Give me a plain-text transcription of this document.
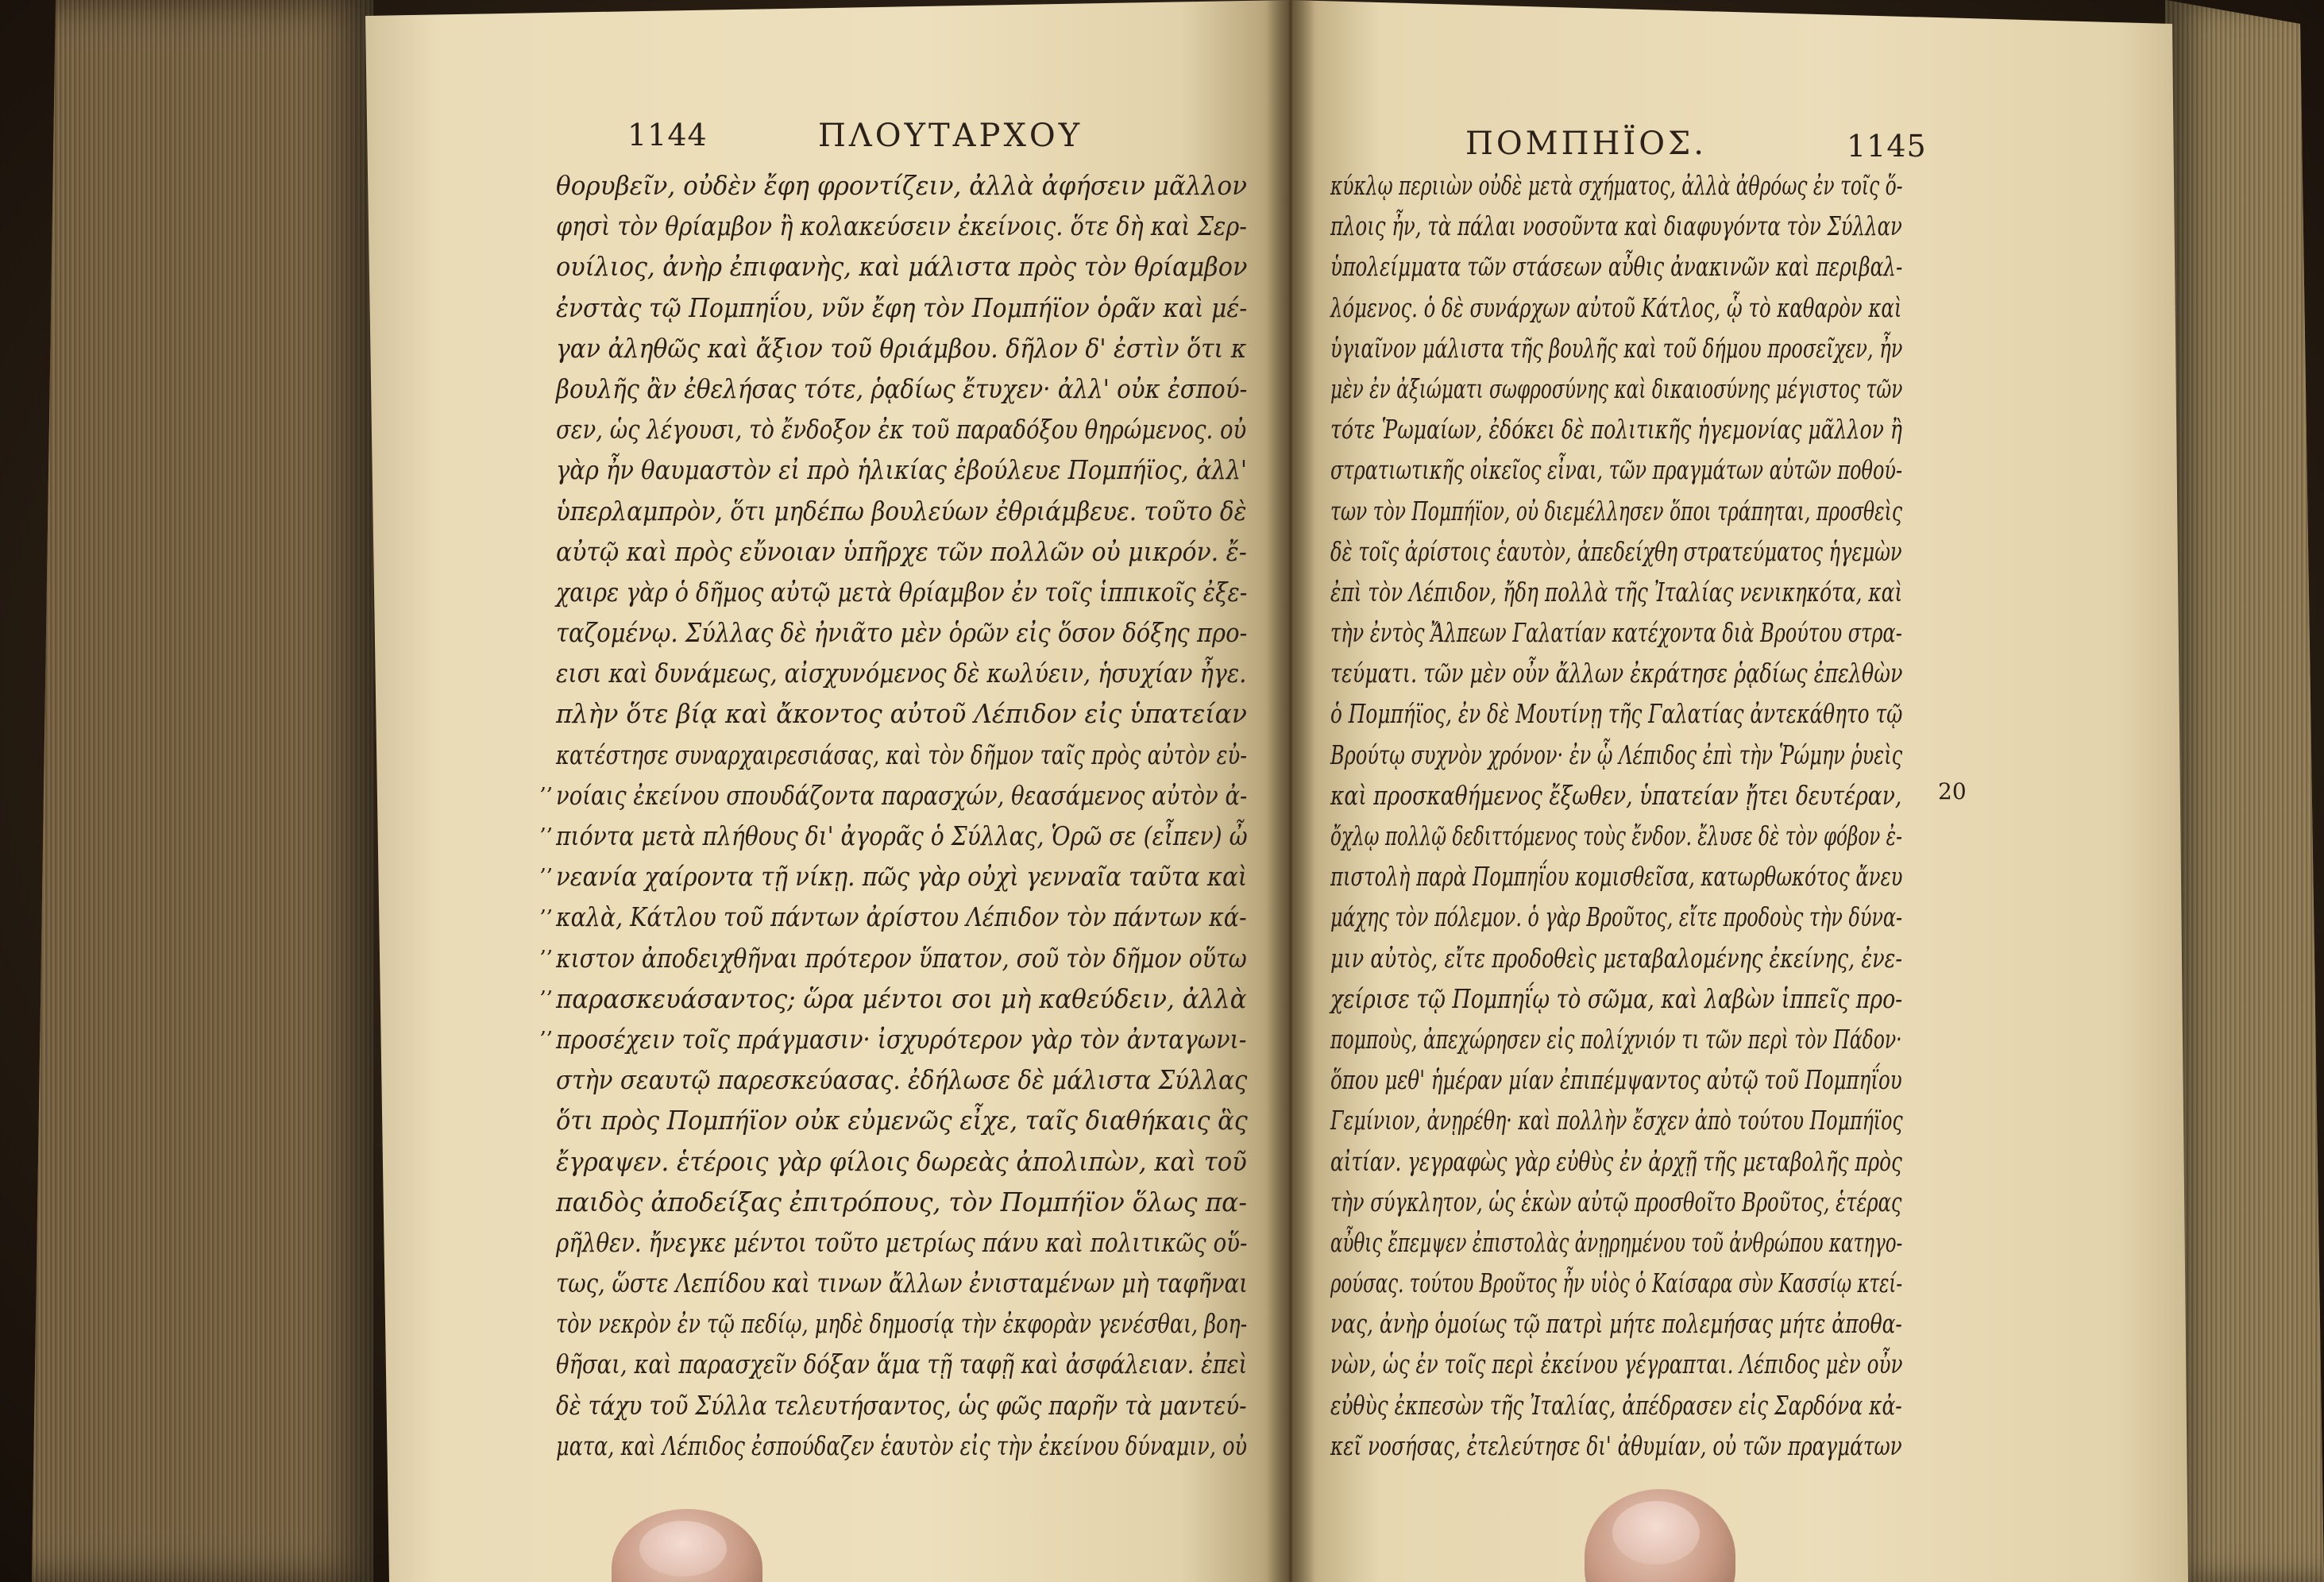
1144	ΠΛΟΥΤΑΡΧΟΥ	ΠΟΜΠΗΪΟΣ.	1145
,,
,,
,,
,,
,,
,,
,,
θορυβεῖν, οὐδὲν ἔφη φροντίζειν, ἀλλὰ ἀφήσειν μᾶλλον
φησὶ τὸν θρίαμβον ἢ κολακεύσειν ἐκείνοις. ὅτε δὴ καὶ Σερ-
ουίλιος, ἀνὴρ ἐπιφανὴς, καὶ μάλιστα πρὸς τὸν θρίαμβον
ἐνστὰς τῷ Πομπηΐου, νῦν ἔφη τὸν Πομπήϊον ὁρᾶν καὶ μέ-
γαν ἀληθῶς καὶ ἄξιον τοῦ θριάμβου. δῆλον δ' ἐστὶν ὅτι κ
βουλῆς ἂν ἐθελήσας τότε, ῥᾳδίως ἔτυχεν· ἀλλ' οὐκ ἐσπού-
σεν, ὡς λέγουσι, τὸ ἔνδοξον ἐκ τοῦ παραδόξου θηρώμενος. οὐ
γὰρ ἦν θαυμαστὸν εἰ πρὸ ἡλικίας ἐβούλευε Πομπήϊος, ἀλλ'
ὑπερλαμπρὸν, ὅτι μηδέπω βουλεύων ἐθριάμβευε. τοῦτο δὲ
αὐτῷ καὶ πρὸς εὔνοιαν ὑπῆρχε τῶν πολλῶν οὐ μικρόν. ἔ-
χαιρε γὰρ ὁ δῆμος αὐτῷ μετὰ θρίαμβον ἐν τοῖς ἱππικοῖς ἐξε-
ταζομένῳ. Σύλλας δὲ ἠνιᾶτο μὲν ὁρῶν εἰς ὅσον δόξης προ-
εισι καὶ δυνάμεως, αἰσχυνόμενος δὲ κωλύειν, ἡσυχίαν ἦγε.
πλὴν ὅτε βίᾳ καὶ ἄκοντος αὐτοῦ Λέπιδον εἰς ὑπατείαν
κατέστησε συναρχαιρεσιάσας, καὶ τὸν δῆμον ταῖς πρὸς αὐτὸν εὐ-
νοίαις ἐκείνου σπουδάζοντα παρασχών, θεασάμενος αὐτὸν ἀ-
πιόντα μετὰ πλήθους δι' ἀγορᾶς ὁ Σύλλας, Ὁρῶ σε (εἶπεν) ὦ
νεανία χαίροντα τῇ νίκῃ. πῶς γὰρ οὐχὶ γενναῖα ταῦτα καὶ
καλὰ, Κάτλου τοῦ πάντων ἀρίστου Λέπιδον τὸν πάντων κά-
κιστον ἀποδειχθῆναι πρότερον ὕπατον, σοῦ τὸν δῆμον οὕτω
παρασκευάσαντος; ὥρα μέντοι σοι μὴ καθεύδειν, ἀλλὰ
προσέχειν τοῖς πράγμασιν· ἰσχυρότερον γὰρ τὸν ἀνταγωνι-
στὴν σεαυτῷ παρεσκεύασας. ἐδήλωσε δὲ μάλιστα Σύλλας
ὅτι πρὸς Πομπήϊον οὐκ εὐμενῶς εἶχε, ταῖς διαθήκαις ἃς
ἔγραψεν. ἑτέροις γὰρ φίλοις δωρεὰς ἀπολιπὼν, καὶ τοῦ
παιδὸς ἀποδείξας ἐπιτρόπους, τὸν Πομπήϊον ὅλως πα-
ρῆλθεν. ἤνεγκε μέντοι τοῦτο μετρίως πάνυ καὶ πολιτικῶς οὕ-
τως, ὥστε Λεπίδου καὶ τινων ἄλλων ἐνισταμένων μὴ ταφῆναι
τὸν νεκρὸν ἐν τῷ πεδίῳ, μηδὲ δημοσίᾳ τὴν ἐκφορὰν γενέσθαι, βοη-
θῆσαι, καὶ παρασχεῖν δόξαν ἅμα τῇ ταφῇ καὶ ἀσφάλειαν. ἐπεὶ
δὲ τάχυ τοῦ Σύλλα τελευτήσαντος, ὡς φῶς παρῆν τὰ μαντεύ-
ματα, καὶ Λέπιδος ἐσπούδαζεν ἑαυτὸν εἰς τὴν ἐκείνου δύναμιν, οὐ
κύκλῳ περιιὼν οὐδὲ μετὰ σχήματος, ἀλλὰ ἀθρόως ἐν τοῖς ὅ-
πλοις ἦν, τὰ πάλαι νοσοῦντα καὶ διαφυγόντα τὸν Σύλλαν
ὑπολείμματα τῶν στάσεων αὖθις ἀνακινῶν καὶ περιβαλ-
λόμενος. ὁ δὲ συνάρχων αὐτοῦ Κάτλος, ᾧ τὸ καθαρὸν καὶ
ὑγιαῖνον μάλιστα τῆς βουλῆς καὶ τοῦ δήμου προσεῖχεν, ἦν
μὲν ἐν ἀξιώματι σωφροσύνης καὶ δικαιοσύνης μέγιστος τῶν
τότε Ῥωμαίων, ἐδόκει δὲ πολιτικῆς ἡγεμονίας μᾶλλον ἢ
στρατιωτικῆς οἰκεῖος εἶναι, τῶν πραγμάτων αὐτῶν ποθού-
των τὸν Πομπήϊον, οὐ διεμέλλησεν ὅποι τράπηται, προσθεὶς
δὲ τοῖς ἀρίστοις ἑαυτὸν, ἀπεδείχθη στρατεύματος ἡγεμὼν
ἐπὶ τὸν Λέπιδον, ἤδη πολλὰ τῆς Ἰταλίας νενικηκότα, καὶ
τὴν ἐντὸς Ἄλπεων Γαλατίαν κατέχοντα διὰ Βρούτου στρα-
τεύματι. τῶν μὲν οὖν ἄλλων ἐκράτησε ῥᾳδίως ἐπελθὼν
ὁ Πομπήϊος, ἐν δὲ Μουτίνῃ τῆς Γαλατίας ἀντεκάθητο τῷ
Βρούτῳ συχνὸν χρόνον· ἐν ᾧ Λέπιδος ἐπὶ τὴν Ῥώμην ῥυεὶς
καὶ προσκαθήμενος ἔξωθεν, ὑπατείαν ᾔτει δευτέραν,
ὄχλῳ πολλῷ δεδιττόμενος τοὺς ἔνδον. ἔλυσε δὲ τὸν φόβον ἐ-
πιστολὴ παρὰ Πομπηΐου κομισθεῖσα, κατωρθωκότος ἄνευ
μάχης τὸν πόλεμον. ὁ γὰρ Βροῦτος, εἴτε προδοὺς τὴν δύνα-
μιν αὐτὸς, εἴτε προδοθεὶς μεταβαλομένης ἐκείνης, ἐνε-
χείρισε τῷ Πομπηΐῳ τὸ σῶμα, καὶ λαβὼν ἱππεῖς προ-
πομποὺς, ἀπεχώρησεν εἰς πολίχνιόν τι τῶν περὶ τὸν Πάδον·
ὅπου μεθ' ἡμέραν μίαν ἐπιπέμψαντος αὐτῷ τοῦ Πομπηΐου
Γεμίνιον, ἀνῃρέθη· καὶ πολλὴν ἔσχεν ἀπὸ τούτου Πομπήϊος
αἰτίαν. γεγραφὼς γὰρ εὐθὺς ἐν ἀρχῇ τῆς μεταβολῆς πρὸς
τὴν σύγκλητον, ὡς ἑκὼν αὐτῷ προσθοῖτο Βροῦτος, ἑτέρας
αὖθις ἔπεμψεν ἐπιστολὰς ἀνῃρημένου τοῦ ἀνθρώπου κατηγο-
ρούσας. τούτου Βροῦτος ἦν υἱὸς ὁ Καίσαρα σὺν Κασσίῳ κτεί-
νας, ἀνὴρ ὁμοίως τῷ πατρὶ μήτε πολεμήσας μήτε ἀποθα-
νὼν, ὡς ἐν τοῖς περὶ ἐκείνου γέγραπται. Λέπιδος μὲν οὖν
εὐθὺς ἐκπεσὼν τῆς Ἰταλίας, ἀπέδρασεν εἰς Σαρδόνα κἀ-
κεῖ νοσήσας, ἐτελεύτησε δι' ἀθυμίαν, οὐ τῶν πραγμάτων
20
